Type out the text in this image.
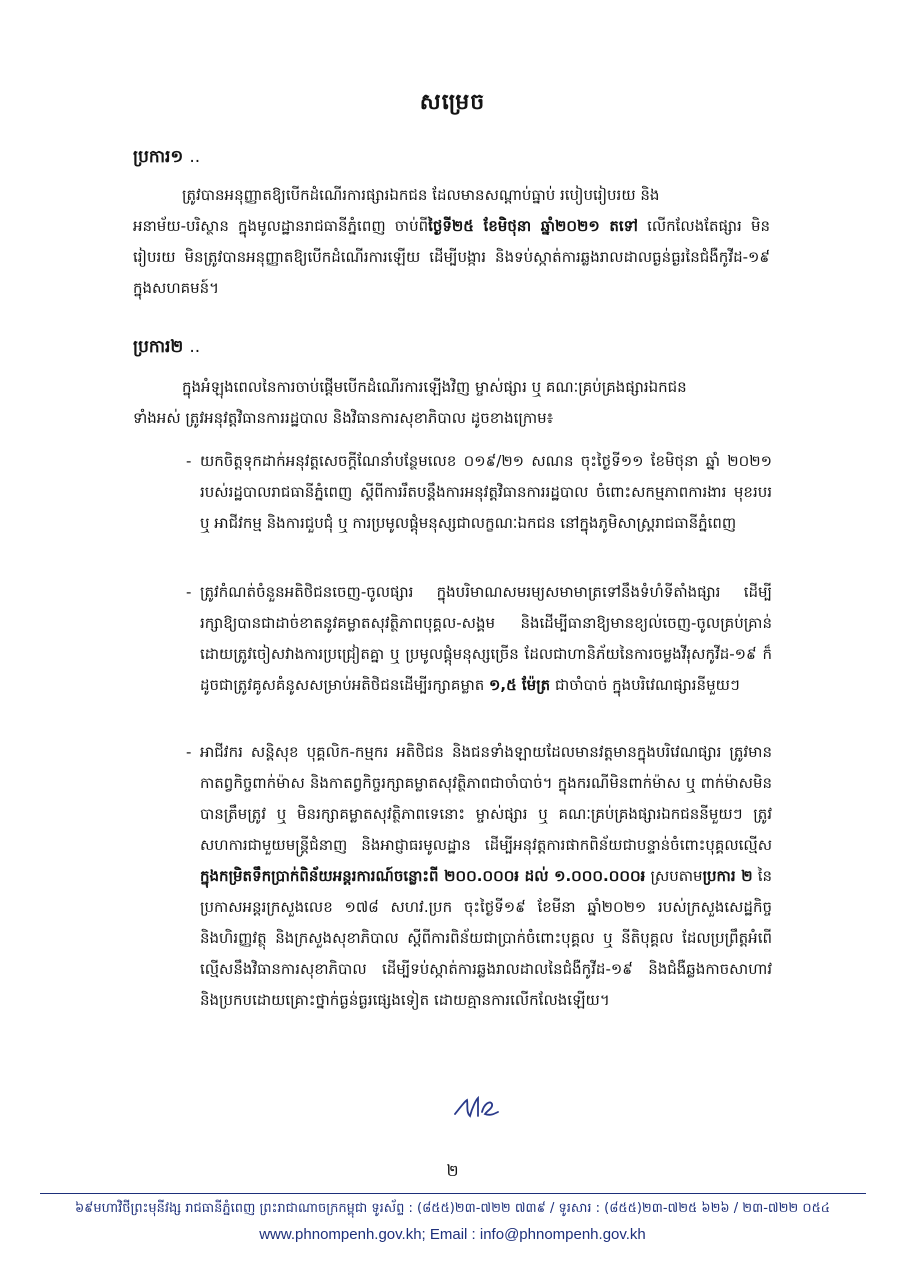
សម្រេច
ប្រការ១ ..
ត្រូវបានអនុញ្ញាតឱ្យបើកដំណើរការផ្សារឯកជន ដែលមានសណ្តាប់ធ្នាប់ របៀបរៀបរយ និង
អនាម័យ-បរិស្ថាន ក្នុងមូលដ្ឋានរាជធានីភ្នំពេញ ចាប់ពីថ្ងៃទី២៥ ខែមិថុនា ឆ្នាំ២០២១ តទៅ លើកលែងតែផ្សារ មិនរៀបរយ មិនត្រូវបានអនុញ្ញាតឱ្យបើកដំណើរការឡើយ ដើម្បីបង្ការ និងទប់ស្កាត់ការឆ្លងរាលដាលធ្ងន់ធ្ងរនៃជំងឺកូវីដ-១៩ ក្នុងសហគមន៍។
ប្រការ២ ..
ក្នុងអំឡុងពេលនៃការចាប់ផ្តើមបើកដំណើរការឡើងវិញ ម្ចាស់ផ្សារ ឬ គណៈគ្រប់គ្រងផ្សារឯកជន
ទាំងអស់ ត្រូវអនុវត្តវិធានការរដ្ឋបាល និងវិធានការសុខាភិបាល ដូចខាងក្រោម៖
- យកចិត្តទុកដាក់អនុវត្តសេចក្តីណែនាំបន្ថែមលេខ ០១៩/២១ សណន ចុះថ្ងៃទី១១ ខែមិថុនា ឆ្នាំ ២០២១ របស់រដ្ឋបាលរាជធានីភ្នំពេញ ស្តីពីការរឹតបន្តឹងការអនុវត្តវិធានការរដ្ឋបាល ចំពោះសកម្មភាពការងារ មុខរបរ ឬ អាជីវកម្ម និងការជួបជុំ ឬ ការប្រមូលផ្តុំមនុស្សជាលក្ខណៈឯកជន នៅក្នុងភូមិសាស្ត្ររាជធានីភ្នំពេញ
- ត្រូវកំណត់ចំនួនអតិថិជនចេញ-ចូលផ្សារ ក្នុងបរិមាណសមរម្យសមាមាត្រទៅនឹងទំហំទីតាំងផ្សារ ដើម្បីរក្សាឱ្យបានជាដាច់ខាតនូវគម្លាតសុវត្ថិភាពបុគ្គល-សង្គម និងដើម្បីធានាឱ្យមានខ្យល់ចេញ-ចូលគ្រប់គ្រាន់ ដោយត្រូវចៀសវាងការប្រជ្រៀតគ្នា ឬ ប្រមូលផ្តុំមនុស្សច្រើន ដែលជាហានិភ័យនៃការចម្លងវីរុសកូវីដ-១៩ ក៏ដូចជាត្រូវគូសគំនូសសម្រាប់អតិថិជនដើម្បីរក្សាគម្លាត ១,៥ ម៉ែត្រ ជាចាំបាច់ ក្នុងបរិវេណផ្សារនីមួយៗ
- អាជីវករ សន្តិសុខ បុគ្គលិក-កម្មករ អតិថិជន និងជនទាំងឡាយដែលមានវត្តមានក្នុងបរិវេណផ្សារ ត្រូវមានកាតព្វកិច្ចពាក់ម៉ាស និងកាតព្វកិច្ចរក្សាគម្លាតសុវត្ថិភាពជាចាំបាច់។ ក្នុងករណីមិនពាក់ម៉ាស ឬ ពាក់ម៉ាសមិនបានត្រឹមត្រូវ ឬ មិនរក្សាគម្លាតសុវត្ថិភាពទេនោះ ម្ចាស់ផ្សារ ឬ គណៈគ្រប់គ្រងផ្សារឯកជននីមួយៗ ត្រូវសហការជាមួយមន្ត្រីជំនាញ និងអាជ្ញាធរមូលដ្ឋាន ដើម្បីអនុវត្តការផាកពិន័យជាបន្ទាន់ចំពោះបុគ្គលល្មើស ក្នុងកម្រិតទឹកប្រាក់ពិន័យអន្តរការណ៍ចន្លោះពី ២០០.០០០៛ ដល់ ១.០០០.០០០៛ ស្របតាមប្រការ ២ នៃប្រកាសអន្តរក្រសួងលេខ ១៧៨ សហវ.ប្រក ចុះថ្ងៃទី១៩ ខែមីនា ឆ្នាំ២០២១ របស់ក្រសួងសេដ្ឋកិច្ចនិងហិរញ្ញវត្ថុ និងក្រសួងសុខាភិបាល ស្តីពីការពិន័យជាប្រាក់ចំពោះបុគ្គល ឬ នីតិបុគ្គល ដែលប្រព្រឹត្តអំពើល្មើសនឹងវិធានការសុខាភិបាល ដើម្បីទប់ស្កាត់ការឆ្លងរាលដាលនៃជំងឺកូវីដ-១៩ និងជំងឺឆ្លងកាចសាហាវ និងប្រកបដោយគ្រោះថ្នាក់ធ្ងន់ធ្ងរផ្សេងទៀត ដោយគ្មានការលើកលែងឡើយ។
២
៦៩មហាវិថីព្រះមុនីវង្ស រាជធានីភ្នំពេញ ព្រះរាជាណាចក្រកម្ពុជា ទូរស័ព្ទ : (៨៥៥)២៣-៧២២ ៧៣៩ / ទូរសារ : (៨៥៥)២៣-៧២៥ ៦២៦ / ២៣-៧២២ ០៥៤
www.phnompenh.gov.kh; Email : info@phnompenh.gov.kh
